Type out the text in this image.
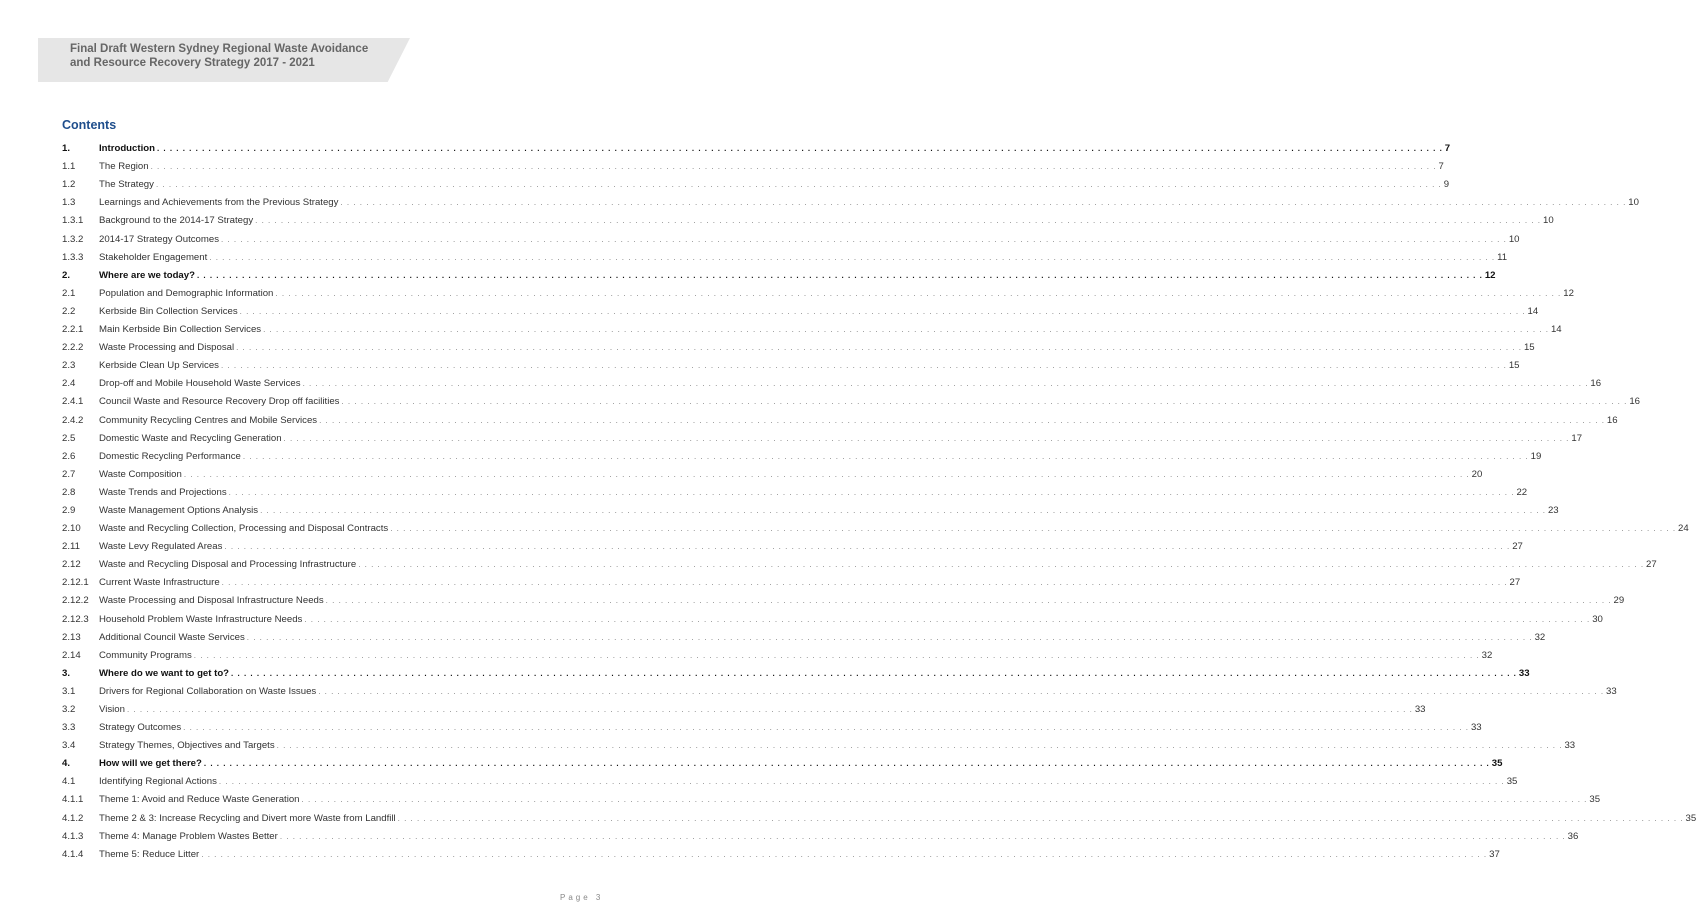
Final Draft Western Sydney Regional Waste Avoidance
and Resource Recovery Strategy 2017 - 2021
Contents
1.	Introduction . . . . . . . . . . . . . . . . . . . . . . . . . . . . . . . . . . . . . . . . . . . . . . . . . . . . . . . . . . . . . . . . . . . . . . . . . . . . . . . . . . . . . . . . . . . . . . . . . . . . . . . . . . . . . . . . . . . . . . . . . . . . . . . . . . . . . . . . . . . . . . . . . . . . . . . . . . . . . . . . . . . . . . . . . . . . . . . . . . . . . . . . . . . . . . . . . . . . . . . . 7
1.1	The Region . . . . . . . . . . . . . . . . . . . . . . . . . . . . . . . . . . . . . . . . . . . . . . . . . . . . . . . . . . . . . . . . . . . . . . . . . . . . . . . . . . . . . . . . . . . . . . . . . . . . . . . . . . . . . . . . . . . . . . . . . . . . . . . . . . . . . . . . . . . . . . . . . . . . . . . . . . . . . . . . . . . . . . . . . . . . . . . . . . . . . . . . . . . . . . . . . . . . . . . . 7
1.2	The Strategy . . . . . . . . . . . . . . . . . . . . . . . . . . . . . . . . . . . . . . . . . . . . . . . . . . . . . . . . . . . . . . . . . . . . . . . . . . . . . . . . . . . . . . . . . . . . . . . . . . . . . . . . . . . . . . . . . . . . . . . . . . . . . . . . . . . . . . . . . . . . . . . . . . . . . . . . . . . . . . . . . . . . . . . . . . . . . . . . . . . . . . . . . . . . . . . . . . . . . . . . 9
1.3	Learnings and Achievements from the Previous Strategy . . . . . . . . . . . . . . . . . . . . . . . . . . . . . . . . . . . . . . . . . . . . . . . . . . . . . . . . . . . . . . . . . . . . . . . . . . . . . . . . . . . . . . . . . . . . . . . . . . . . . . . . . . . . . . . . . . . . . . . . . . . . . . . . . . . . . . . . . . . . . . . . . . . . . . . . . . . . . . . . . . . . . . . . . . . . . . . . . . . . . . . . . . . . . . . . . . . . . . . . 10
1.3.1	Background to the 2014-17 Strategy . . . . . . . . . . . . . . . . . . . . . . . . . . . . . . . . . . . . . . . . . . . . . . . . . . . . . . . . . . . . . . . . . . . . . . . . . . . . . . . . . . . . . . . . . . . . . . . . . . . . . . . . . . . . . . . . . . . . . . . . . . . . . . . . . . . . . . . . . . . . . . . . . . . . . . . . . . . . . . . . . . . . . . . . . . . . . . . . . . . . . . . . . . . . . . . . . . . . . . . . 10
1.3.2	2014-17 Strategy Outcomes . . . . . . . . . . . . . . . . . . . . . . . . . . . . . . . . . . . . . . . . . . . . . . . . . . . . . . . . . . . . . . . . . . . . . . . . . . . . . . . . . . . . . . . . . . . . . . . . . . . . . . . . . . . . . . . . . . . . . . . . . . . . . . . . . . . . . . . . . . . . . . . . . . . . . . . . . . . . . . . . . . . . . . . . . . . . . . . . . . . . . . . . . . . . . . . . . . . . . . . . 10
1.3.3	Stakeholder Engagement . . . . . . . . . . . . . . . . . . . . . . . . . . . . . . . . . . . . . . . . . . . . . . . . . . . . . . . . . . . . . . . . . . . . . . . . . . . . . . . . . . . . . . . . . . . . . . . . . . . . . . . . . . . . . . . . . . . . . . . . . . . . . . . . . . . . . . . . . . . . . . . . . . . . . . . . . . . . . . . . . . . . . . . . . . . . . . . . . . . . . . . . . . . . . . . . . . . . . . . . 11
2.	Where are we today? . . . . . . . . . . . . . . . . . . . . . . . . . . . . . . . . . . . . . . . . . . . . . . . . . . . . . . . . . . . . . . . . . . . . . . . . . . . . . . . . . . . . . . . . . . . . . . . . . . . . . . . . . . . . . . . . . . . . . . . . . . . . . . . . . . . . . . . . . . . . . . . . . . . . . . . . . . . . . . . . . . . . . . . . . . . . . . . . . . . . . . . . . . . . . . . . . . . . . . . . 12
2.1	Population and Demographic Information . . . . . . . . . . . . . . . . . . . . . . . . . . . . . . . . . . . . . . . . . . . . . . . . . . . . . . . . . . . . . . . . . . . . . . . . . . . . . . . . . . . . . . . . . . . . . . . . . . . . . . . . . . . . . . . . . . . . . . . . . . . . . . . . . . . . . . . . . . . . . . . . . . . . . . . . . . . . . . . . . . . . . . . . . . . . . . . . . . . . . . . . . . . . . . . . . . . . . . . . 12
2.2	Kerbside Bin Collection Services . . . . . . . . . . . . . . . . . . . . . . . . . . . . . . . . . . . . . . . . . . . . . . . . . . . . . . . . . . . . . . . . . . . . . . . . . . . . . . . . . . . . . . . . . . . . . . . . . . . . . . . . . . . . . . . . . . . . . . . . . . . . . . . . . . . . . . . . . . . . . . . . . . . . . . . . . . . . . . . . . . . . . . . . . . . . . . . . . . . . . . . . . . . . . . . . . . . . . . . . 14
2.2.1	Main Kerbside Bin Collection Services . . . . . . . . . . . . . . . . . . . . . . . . . . . . . . . . . . . . . . . . . . . . . . . . . . . . . . . . . . . . . . . . . . . . . . . . . . . . . . . . . . . . . . . . . . . . . . . . . . . . . . . . . . . . . . . . . . . . . . . . . . . . . . . . . . . . . . . . . . . . . . . . . . . . . . . . . . . . . . . . . . . . . . . . . . . . . . . . . . . . . . . . . . . . . . . . . . . . . . . . 14
2.2.2	Waste Processing and Disposal . . . . . . . . . . . . . . . . . . . . . . . . . . . . . . . . . . . . . . . . . . . . . . . . . . . . . . . . . . . . . . . . . . . . . . . . . . . . . . . . . . . . . . . . . . . . . . . . . . . . . . . . . . . . . . . . . . . . . . . . . . . . . . . . . . . . . . . . . . . . . . . . . . . . . . . . . . . . . . . . . . . . . . . . . . . . . . . . . . . . . . . . . . . . . . . . . . . . . . . . 15
2.3	Kerbside Clean Up Services . . . . . . . . . . . . . . . . . . . . . . . . . . . . . . . . . . . . . . . . . . . . . . . . . . . . . . . . . . . . . . . . . . . . . . . . . . . . . . . . . . . . . . . . . . . . . . . . . . . . . . . . . . . . . . . . . . . . . . . . . . . . . . . . . . . . . . . . . . . . . . . . . . . . . . . . . . . . . . . . . . . . . . . . . . . . . . . . . . . . . . . . . . . . . . . . . . . . . . . . 15
2.4	Drop-off and Mobile Household Waste Services . . . . . . . . . . . . . . . . . . . . . . . . . . . . . . . . . . . . . . . . . . . . . . . . . . . . . . . . . . . . . . . . . . . . . . . . . . . . . . . . . . . . . . . . . . . . . . . . . . . . . . . . . . . . . . . . . . . . . . . . . . . . . . . . . . . . . . . . . . . . . . . . . . . . . . . . . . . . . . . . . . . . . . . . . . . . . . . . . . . . . . . . . . . . . . . . . . . . . . . . 16
2.4.1	Council Waste and Resource Recovery Drop off facilities . . . . . . . . . . . . . . . . . . . . . . . . . . . . . . . . . . . . . . . . . . . . . . . . . . . . . . . . . . . . . . . . . . . . . . . . . . . . . . . . . . . . . . . . . . . . . . . . . . . . . . . . . . . . . . . . . . . . . . . . . . . . . . . . . . . . . . . . . . . . . . . . . . . . . . . . . . . . . . . . . . . . . . . . . . . . . . . . . . . . . . . . . . . . . . . . . . . . . . . . 16
2.4.2	Community Recycling Centres and Mobile Services . . . . . . . . . . . . . . . . . . . . . . . . . . . . . . . . . . . . . . . . . . . . . . . . . . . . . . . . . . . . . . . . . . . . . . . . . . . . . . . . . . . . . . . . . . . . . . . . . . . . . . . . . . . . . . . . . . . . . . . . . . . . . . . . . . . . . . . . . . . . . . . . . . . . . . . . . . . . . . . . . . . . . . . . . . . . . . . . . . . . . . . . . . . . . . . . . . . . . . . . 16
2.5	Domestic Waste and Recycling Generation . . . . . . . . . . . . . . . . . . . . . . . . . . . . . . . . . . . . . . . . . . . . . . . . . . . . . . . . . . . . . . . . . . . . . . . . . . . . . . . . . . . . . . . . . . . . . . . . . . . . . . . . . . . . . . . . . . . . . . . . . . . . . . . . . . . . . . . . . . . . . . . . . . . . . . . . . . . . . . . . . . . . . . . . . . . . . . . . . . . . . . . . . . . . . . . . . . . . . . . . 17
2.6	Domestic Recycling Performance . . . . . . . . . . . . . . . . . . . . . . . . . . . . . . . . . . . . . . . . . . . . . . . . . . . . . . . . . . . . . . . . . . . . . . . . . . . . . . . . . . . . . . . . . . . . . . . . . . . . . . . . . . . . . . . . . . . . . . . . . . . . . . . . . . . . . . . . . . . . . . . . . . . . . . . . . . . . . . . . . . . . . . . . . . . . . . . . . . . . . . . . . . . . . . . . . . . . . . . . 19
2.7	Waste Composition . . . . . . . . . . . . . . . . . . . . . . . . . . . . . . . . . . . . . . . . . . . . . . . . . . . . . . . . . . . . . . . . . . . . . . . . . . . . . . . . . . . . . . . . . . . . . . . . . . . . . . . . . . . . . . . . . . . . . . . . . . . . . . . . . . . . . . . . . . . . . . . . . . . . . . . . . . . . . . . . . . . . . . . . . . . . . . . . . . . . . . . . . . . . . . . . . . . . . . . . 20
2.8	Waste Trends and Projections . . . . . . . . . . . . . . . . . . . . . . . . . . . . . . . . . . . . . . . . . . . . . . . . . . . . . . . . . . . . . . . . . . . . . . . . . . . . . . . . . . . . . . . . . . . . . . . . . . . . . . . . . . . . . . . . . . . . . . . . . . . . . . . . . . . . . . . . . . . . . . . . . . . . . . . . . . . . . . . . . . . . . . . . . . . . . . . . . . . . . . . . . . . . . . . . . . . . . . . . 22
2.9	Waste Management Options Analysis . . . . . . . . . . . . . . . . . . . . . . . . . . . . . . . . . . . . . . . . . . . . . . . . . . . . . . . . . . . . . . . . . . . . . . . . . . . . . . . . . . . . . . . . . . . . . . . . . . . . . . . . . . . . . . . . . . . . . . . . . . . . . . . . . . . . . . . . . . . . . . . . . . . . . . . . . . . . . . . . . . . . . . . . . . . . . . . . . . . . . . . . . . . . . . . . . . . . . . . . 23
2.10	Waste and Recycling Collection, Processing and Disposal Contracts . . . . . . . . . . . . . . . . . . . . . . . . . . . . . . . . . . . . . . . . . . . . . . . . . . . . . . . . . . . . . . . . . . . . . . . . . . . . . . . . . . . . . . . . . . . . . . . . . . . . . . . . . . . . . . . . . . . . . . . . . . . . . . . . . . . . . . . . . . . . . . . . . . . . . . . . . . . . . . . . . . . . . . . . . . . . . . . . . . . . . . . . . . . . . . . . . . . . . . . . 24
2.11	Waste Levy Regulated Areas . . . . . . . . . . . . . . . . . . . . . . . . . . . . . . . . . . . . . . . . . . . . . . . . . . . . . . . . . . . . . . . . . . . . . . . . . . . . . . . . . . . . . . . . . . . . . . . . . . . . . . . . . . . . . . . . . . . . . . . . . . . . . . . . . . . . . . . . . . . . . . . . . . . . . . . . . . . . . . . . . . . . . . . . . . . . . . . . . . . . . . . . . . . . . . . . . . . . . . . . 27
2.12	Waste and Recycling Disposal and Processing Infrastructure . . . . . . . . . . . . . . . . . . . . . . . . . . . . . . . . . . . . . . . . . . . . . . . . . . . . . . . . . . . . . . . . . . . . . . . . . . . . . . . . . . . . . . . . . . . . . . . . . . . . . . . . . . . . . . . . . . . . . . . . . . . . . . . . . . . . . . . . . . . . . . . . . . . . . . . . . . . . . . . . . . . . . . . . . . . . . . . . . . . . . . . . . . . . . . . . . . . . . . . . 27
2.12.1	Current Waste Infrastructure . . . . . . . . . . . . . . . . . . . . . . . . . . . . . . . . . . . . . . . . . . . . . . . . . . . . . . . . . . . . . . . . . . . . . . . . . . . . . . . . . . . . . . . . . . . . . . . . . . . . . . . . . . . . . . . . . . . . . . . . . . . . . . . . . . . . . . . . . . . . . . . . . . . . . . . . . . . . . . . . . . . . . . . . . . . . . . . . . . . . . . . . . . . . . . . . . . . . . . . . 27
2.12.2	Waste Processing and Disposal Infrastructure Needs . . . . . . . . . . . . . . . . . . . . . . . . . . . . . . . . . . . . . . . . . . . . . . . . . . . . . . . . . . . . . . . . . . . . . . . . . . . . . . . . . . . . . . . . . . . . . . . . . . . . . . . . . . . . . . . . . . . . . . . . . . . . . . . . . . . . . . . . . . . . . . . . . . . . . . . . . . . . . . . . . . . . . . . . . . . . . . . . . . . . . . . . . . . . . . . . . . . . . . . . 29
2.12.3	Household Problem Waste Infrastructure Needs . . . . . . . . . . . . . . . . . . . . . . . . . . . . . . . . . . . . . . . . . . . . . . . . . . . . . . . . . . . . . . . . . . . . . . . . . . . . . . . . . . . . . . . . . . . . . . . . . . . . . . . . . . . . . . . . . . . . . . . . . . . . . . . . . . . . . . . . . . . . . . . . . . . . . . . . . . . . . . . . . . . . . . . . . . . . . . . . . . . . . . . . . . . . . . . . . . . . . . . . 30
2.13	Additional Council Waste Services . . . . . . . . . . . . . . . . . . . . . . . . . . . . . . . . . . . . . . . . . . . . . . . . . . . . . . . . . . . . . . . . . . . . . . . . . . . . . . . . . . . . . . . . . . . . . . . . . . . . . . . . . . . . . . . . . . . . . . . . . . . . . . . . . . . . . . . . . . . . . . . . . . . . . . . . . . . . . . . . . . . . . . . . . . . . . . . . . . . . . . . . . . . . . . . . . . . . . . . . 32
2.14	Community Programs . . . . . . . . . . . . . . . . . . . . . . . . . . . . . . . . . . . . . . . . . . . . . . . . . . . . . . . . . . . . . . . . . . . . . . . . . . . . . . . . . . . . . . . . . . . . . . . . . . . . . . . . . . . . . . . . . . . . . . . . . . . . . . . . . . . . . . . . . . . . . . . . . . . . . . . . . . . . . . . . . . . . . . . . . . . . . . . . . . . . . . . . . . . . . . . . . . . . . . . . 32
3.	Where do we want to get to? . . . . . . . . . . . . . . . . . . . . . . . . . . . . . . . . . . . . . . . . . . . . . . . . . . . . . . . . . . . . . . . . . . . . . . . . . . . . . . . . . . . . . . . . . . . . . . . . . . . . . . . . . . . . . . . . . . . . . . . . . . . . . . . . . . . . . . . . . . . . . . . . . . . . . . . . . . . . . . . . . . . . . . . . . . . . . . . . . . . . . . . . . . . . . . . . . . . . . . . . 33
3.1	Drivers for Regional Collaboration on Waste Issues . . . . . . . . . . . . . . . . . . . . . . . . . . . . . . . . . . . . . . . . . . . . . . . . . . . . . . . . . . . . . . . . . . . . . . . . . . . . . . . . . . . . . . . . . . . . . . . . . . . . . . . . . . . . . . . . . . . . . . . . . . . . . . . . . . . . . . . . . . . . . . . . . . . . . . . . . . . . . . . . . . . . . . . . . . . . . . . . . . . . . . . . . . . . . . . . . . . . . . . . 33
3.2	Vision . . . . . . . . . . . . . . . . . . . . . . . . . . . . . . . . . . . . . . . . . . . . . . . . . . . . . . . . . . . . . . . . . . . . . . . . . . . . . . . . . . . . . . . . . . . . . . . . . . . . . . . . . . . . . . . . . . . . . . . . . . . . . . . . . . . . . . . . . . . . . . . . . . . . . . . . . . . . . . . . . . . . . . . . . . . . . . . . . . . . . . . . . . . . . . . . . . . . . . . . 33
3.3	Strategy Outcomes . . . . . . . . . . . . . . . . . . . . . . . . . . . . . . . . . . . . . . . . . . . . . . . . . . . . . . . . . . . . . . . . . . . . . . . . . . . . . . . . . . . . . . . . . . . . . . . . . . . . . . . . . . . . . . . . . . . . . . . . . . . . . . . . . . . . . . . . . . . . . . . . . . . . . . . . . . . . . . . . . . . . . . . . . . . . . . . . . . . . . . . . . . . . . . . . . . . . . . . . 33
3.4	Strategy Themes, Objectives and Targets . . . . . . . . . . . . . . . . . . . . . . . . . . . . . . . . . . . . . . . . . . . . . . . . . . . . . . . . . . . . . . . . . . . . . . . . . . . . . . . . . . . . . . . . . . . . . . . . . . . . . . . . . . . . . . . . . . . . . . . . . . . . . . . . . . . . . . . . . . . . . . . . . . . . . . . . . . . . . . . . . . . . . . . . . . . . . . . . . . . . . . . . . . . . . . . . . . . . . . . . 33
4.	How will we get there? . . . . . . . . . . . . . . . . . . . . . . . . . . . . . . . . . . . . . . . . . . . . . . . . . . . . . . . . . . . . . . . . . . . . . . . . . . . . . . . . . . . . . . . . . . . . . . . . . . . . . . . . . . . . . . . . . . . . . . . . . . . . . . . . . . . . . . . . . . . . . . . . . . . . . . . . . . . . . . . . . . . . . . . . . . . . . . . . . . . . . . . . . . . . . . . . . . . . . . . . 35
4.1	Identifying Regional Actions . . . . . . . . . . . . . . . . . . . . . . . . . . . . . . . . . . . . . . . . . . . . . . . . . . . . . . . . . . . . . . . . . . . . . . . . . . . . . . . . . . . . . . . . . . . . . . . . . . . . . . . . . . . . . . . . . . . . . . . . . . . . . . . . . . . . . . . . . . . . . . . . . . . . . . . . . . . . . . . . . . . . . . . . . . . . . . . . . . . . . . . . . . . . . . . . . . . . . . . . 35
4.1.1	Theme 1: Avoid and Reduce Waste Generation . . . . . . . . . . . . . . . . . . . . . . . . . . . . . . . . . . . . . . . . . . . . . . . . . . . . . . . . . . . . . . . . . . . . . . . . . . . . . . . . . . . . . . . . . . . . . . . . . . . . . . . . . . . . . . . . . . . . . . . . . . . . . . . . . . . . . . . . . . . . . . . . . . . . . . . . . . . . . . . . . . . . . . . . . . . . . . . . . . . . . . . . . . . . . . . . . . . . . . . . 35
4.1.2	Theme 2 & 3: Increase Recycling and Divert more Waste from Landfill . . . . . . . . . . . . . . . . . . . . . . . . . . . . . . . . . . . . . . . . . . . . . . . . . . . . . . . . . . . . . . . . . . . . . . . . . . . . . . . . . . . . . . . . . . . . . . . . . . . . . . . . . . . . . . . . . . . . . . . . . . . . . . . . . . . . . . . . . . . . . . . . . . . . . . . . . . . . . . . . . . . . . . . . . . . . . . . . . . . . . . . . . . . . . . . . . . . . . . . . 35
4.1.3	Theme 4: Manage Problem Wastes Better . . . . . . . . . . . . . . . . . . . . . . . . . . . . . . . . . . . . . . . . . . . . . . . . . . . . . . . . . . . . . . . . . . . . . . . . . . . . . . . . . . . . . . . . . . . . . . . . . . . . . . . . . . . . . . . . . . . . . . . . . . . . . . . . . . . . . . . . . . . . . . . . . . . . . . . . . . . . . . . . . . . . . . . . . . . . . . . . . . . . . . . . . . . . . . . . . . . . . . . . 36
4.1.4	Theme 5: Reduce Litter . . . . . . . . . . . . . . . . . . . . . . . . . . . . . . . . . . . . . . . . . . . . . . . . . . . . . . . . . . . . . . . . . . . . . . . . . . . . . . . . . . . . . . . . . . . . . . . . . . . . . . . . . . . . . . . . . . . . . . . . . . . . . . . . . . . . . . . . . . . . . . . . . . . . . . . . . . . . . . . . . . . . . . . . . . . . . . . . . . . . . . . . . . . . . . . . . . . . . . . . 37
Page 3
